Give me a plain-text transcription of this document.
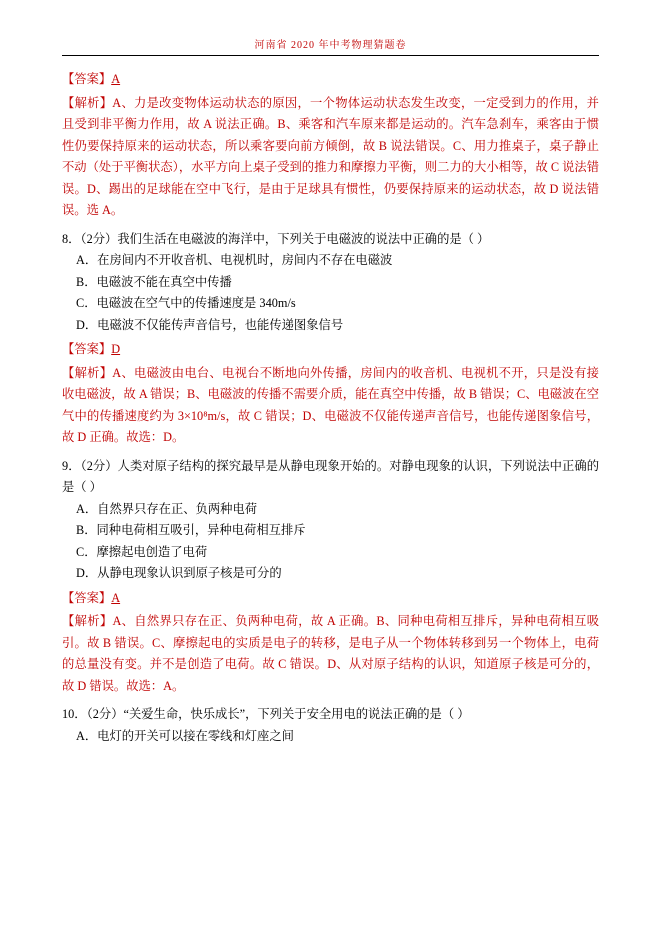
河南省 2020 年中考物理猜题卷
【答案】A
【解析】A、力是改变物体运动状态的原因，一个物体运动状态发生改变，一定受到力的作用，并且受到非平衡力作用，故 A 说法正确。B、乘客和汽车原来都是运动的。汽车急刹车，乘客由于惯性仍要保持原来的运动状态，所以乘客要向前方倾倒，故 B 说法错误。C、用力推桌子，桌子静止不动（处于平衡状态），水平方向上桌子受到的推力和摩擦力平衡，则二力的大小相等，故 C 说法错误。D、踢出的足球能在空中飞行，是由于足球具有惯性，仍要保持原来的运动状态，故 D 说法错误。选 A。
8．（2分）我们生活在电磁波的海洋中，下列关于电磁波的说法中正确的是（ ）
A．在房间内不开收音机、电视机时，房间内不存在电磁波
B．电磁波不能在真空中传播
C．电磁波在空气中的传播速度是 340m/s
D．电磁波不仅能传声音信号，也能传递图象信号
【答案】D
【解析】A、电磁波由电台、电视台不断地向外传播，房间内的收音机、电视机不开，只是没有接收电磁波，故 A 错误；B、电磁波的传播不需要介质，能在真空中传播，故 B 错误；C、电磁波在空气中的传播速度约为 3×10⁸m/s，故 C 错误；D、电磁波不仅能传递声音信号，也能传递图象信号，故 D 正确。故选：D。
9．（2分）人类对原子结构的探究最早是从静电现象开始的。对静电现象的认识，下列说法中正确的是（ ）
A．自然界只存在正、负两种电荷
B．同种电荷相互吸引，异种电荷相互排斥
C．摩擦起电创造了电荷
D．从静电现象认识到原子核是可分的
【答案】A
【解析】A、自然界只存在正、负两种电荷，故 A 正确。B、同种电荷相互排斥，异种电荷相互吸引。故 B 错误。C、摩擦起电的实质是电子的转移，是电子从一个物体转移到另一个物体上，电荷的总量没有变。并不是创造了电荷。故 C 错误。D、从对原子结构的认识，知道原子核是可分的，故 D 错误。故选：A。
10．（2分）“关爱生命，快乐成长”，下列关于安全用电的说法正确的是（ ）
A．电灯的开关可以接在零线和灯座之间
